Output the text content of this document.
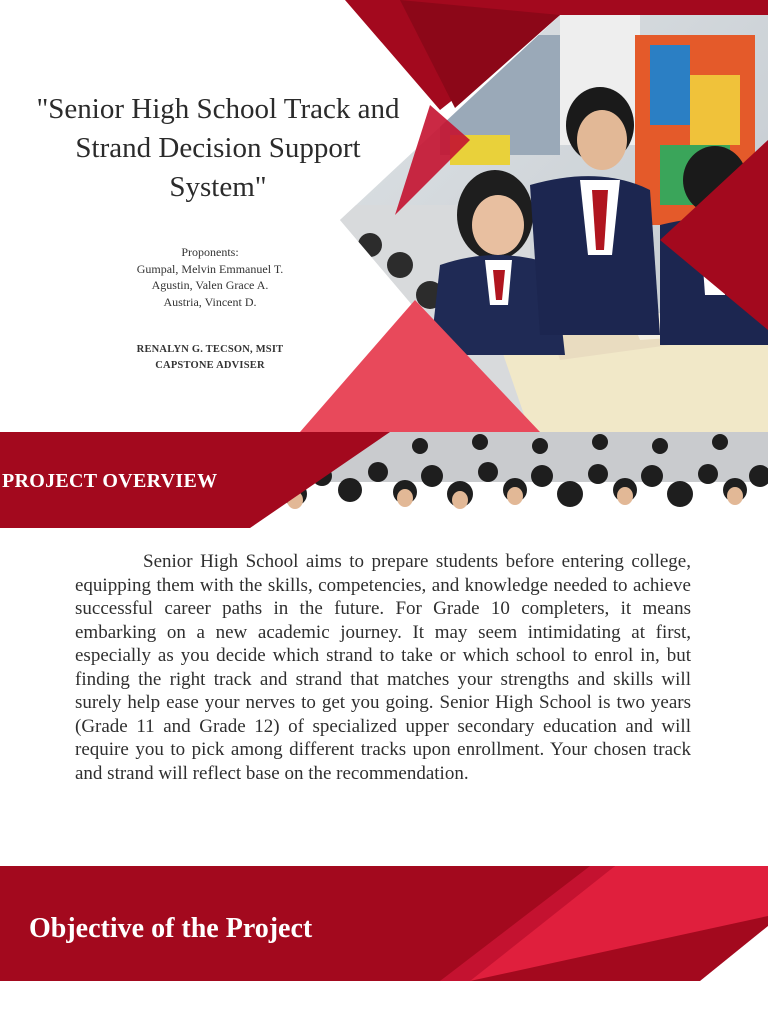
"Senior High School Track and
Strand Decision Support
System"
Proponents:
Gumpal, Melvin Emmanuel T.
Agustin, Valen Grace A.
Austria, Vincent D.
RENALYN G. TECSON, MSIT
CAPSTONE ADVISER
PROJECT OVERVIEW

Senior High School aims to prepare students before entering college, equipping them with the skills, competencies, and knowledge needed to achieve successful career paths in the future. For Grade 10 completers, it means embarking on a new academic journey. It may seem intimidating at first, especially as you decide which strand to take or which school to enrol in, but finding the right track and strand that matches your strengths and skills will surely help ease your nerves to get you going. Senior High School is two years (Grade 11 and Grade 12) of specialized upper secondary education and will require you to pick among different tracks upon enrollment. Your chosen track and strand will reflect base on the recommendation.

Objective of the Project
